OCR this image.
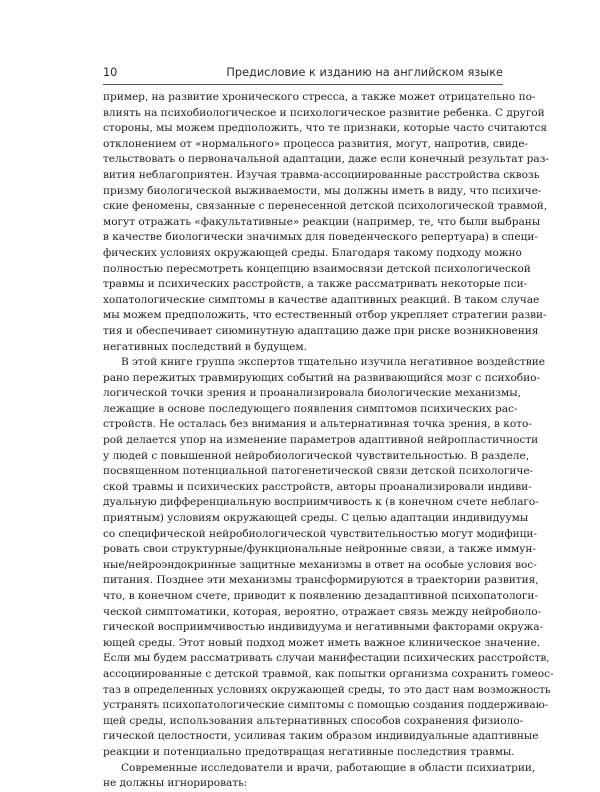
10	Предисловие к изданию на английском языке
пример, на развитие хронического стресса, а также может отрицательно по-
влиять на психобиологическое и психологическое развитие ребенка. С другой
стороны, мы можем предположить, что те признаки, которые часто считаются
отклонением от «нормального» процесса развития, могут, напротив, свиде-
тельствовать о первоначальной адаптации, даже если конечный результат раз-
вития неблагоприятен. Изучая травма-ассоциированные расстройства сквозь
призму биологической выживаемости, мы должны иметь в виду, что психиче-
ские феномены, связанные с перенесенной детской психологической травмой,
могут отражать «факультативные» реакции (например, те, что были выбраны
в качестве биологически значимых для поведенческого репертуара) в специ-
фических условиях окружающей среды. Благодаря такому подходу можно
полностью пересмотреть концепцию взаимосвязи детской психологической
травмы и психических расстройств, а также рассматривать некоторые пси-
хопатологические симптомы в качестве адаптивных реакций. В таком случае
мы можем предположить, что естественный отбор укрепляет стратегии разви-
тия и обеспечивает сиюминутную адаптацию даже при риске возникновения
негативных последствий в будущем.
В этой книге группа экспертов тщательно изучила негативное воздействие
рано пережитых травмирующих событий на развивающийся мозг с психобио-
логической точки зрения и проанализировала биологические механизмы,
лежащие в основе последующего появления симптомов психических рас-
стройств. Не осталась без внимания и альтернативная точка зрения, в кото-
рой делается упор на изменение параметров адаптивной нейропластичности
у людей с повышенной нейробиологической чувствительностью. В разделе,
посвященном потенциальной патогенетической связи детской психологиче-
ской травмы и психических расстройств, авторы проанализировали индиви-
дуальную дифференциальную восприимчивость к (в конечном счете неблаго-
приятным) условиям окружающей среды. С целью адаптации индивидуумы
со специфической нейробиологической чувствительностью могут модифици-
ровать свои структурные/функциональные нейронные связи, а также иммун-
ные/нейроэндокринные защитные механизмы в ответ на особые условия вос-
питания. Позднее эти механизмы трансформируются в траектории развития,
что, в конечном счете, приводит к появлению дезадаптивной психопатологи-
ческой симптоматики, которая, вероятно, отражает связь между нейробиоло-
гической восприимчивостью индивидуума и негативными факторами окружа-
ющей среды. Этот новый подход может иметь важное клиническое значение.
Если мы будем рассматривать случаи манифестации психических расстройств,
ассоциированные с детской травмой, как попытки организма сохранить гомеос-
таз в определенных условиях окружающей среды, то это даст нам возможность
устранять психопатологические симптомы с помощью создания поддерживаю-
щей среды, использования альтернативных способов сохранения физиоло-
гической целостности, усиливая таким образом индивидуальные адаптивные
реакции и потенциально предотвращая негативные последствия травмы.
Современные исследователи и врачи, работающие в области психиатрии,
не должны игнорировать:
